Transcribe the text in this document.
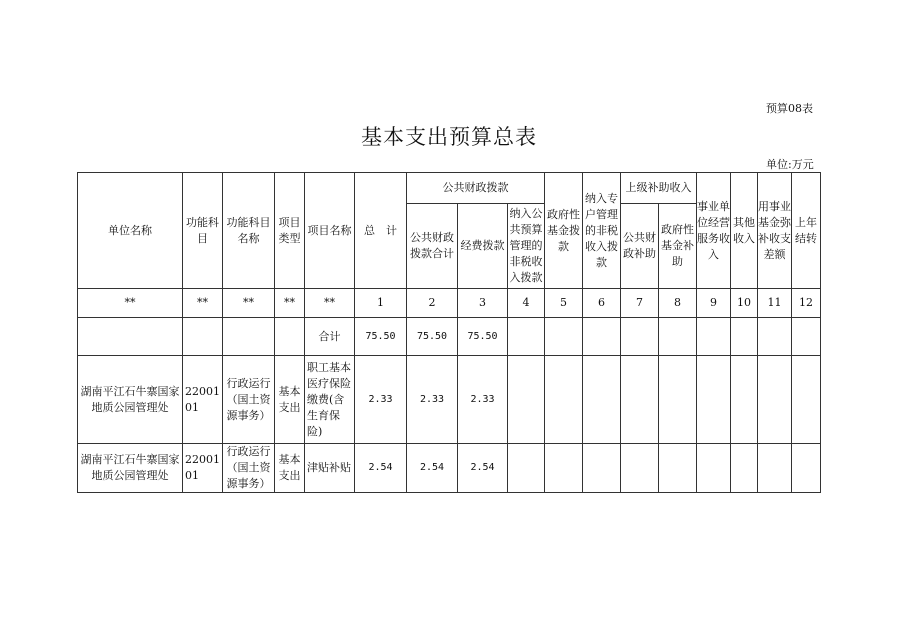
预算08表
基本支出预算总表
单位:万元
单位名称	功能科目	功能科目名称	项目类型	项目名称	总　计	公共财政拨款			政府性基金拨款	纳入专户管理的非税收入拨款	上级补助收入		事业单位经营服务收入	其他收入	用事业基金弥补收支差额	上年结转
						公共财政拨款合计	经费拨款	纳入公共预算管理的非税收入拨款			公共财政补助	政府性基金补助				
**	**	**	**	**	1	2	3	4	5	6	7	8	9	10	11	12
				合计	75.50	75.50	75.50									
湖南平江石牛寨国家地质公园管理处	2200101	行政运行（国土资源事务）	基本支出	职工基本医疗保险缴费(含生育保险)	2.33	2.33	2.33									
湖南平江石牛寨国家地质公园管理处	2200101	行政运行（国土资源事务）	基本支出	津贴补贴	2.54	2.54	2.54									
